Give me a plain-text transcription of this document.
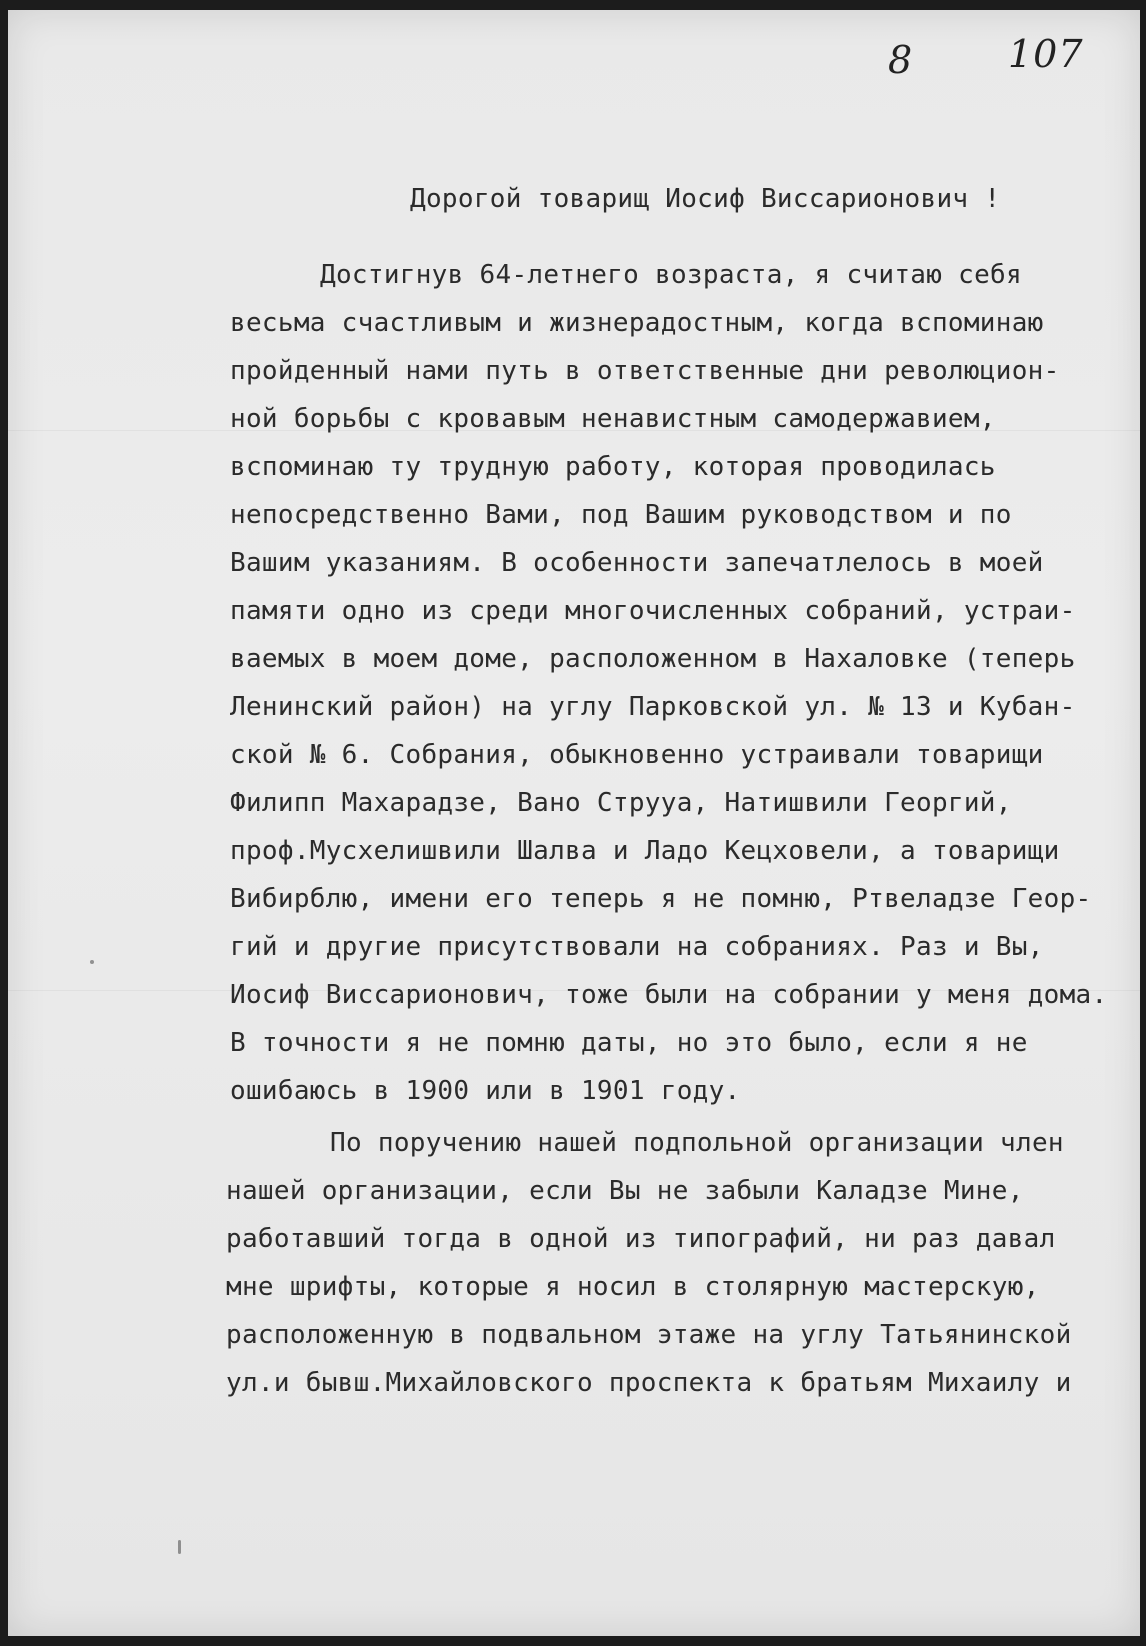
8 107
Дорогой товарищ Иосиф Виссарионович !
Достигнув 64-летнего возраста, я считаю себя
весьма счастливым и жизнерадостным, когда вспоминаю
пройденный нами путь в ответственные дни революцион-
ной борьбы с кровавым ненавистным самодержавием,
вспоминаю ту трудную работу, которая проводилась
непосредственно Вами, под Вашим руководством и по
Вашим указаниям. В особенности запечатлелось в моей
памяти одно из среди многочисленных собраний, устраи-
ваемых в моем доме, расположенном в Нахаловке (теперь
Ленинский район) на углу Парковской ул. № 13 и Кубан-
ской № 6. Собрания, обыкновенно устраивали товарищи
Филипп Махарадзе, Вано Струуа, Натишвили Георгий,
проф.Мусхелишвили Шалва и Ладо Кецховели, а товарищи
Вибирблю, имени его теперь я не помню, Ртвеладзе Геор-
гий и другие присутствовали на собраниях. Раз и Вы,
Иосиф Виссарионович, тоже были на собрании у меня дома.
В точности я не помню даты, но это было, если я не
ошибаюсь в 1900 или в 1901 году.
По поручению нашей подпольной организации член
нашей организации, если Вы не забыли Каладзе Мине,
работавший тогда в одной из типографий, ни раз давал
мне шрифты, которые я носил в столярную мастерскую,
расположенную в подвальном этаже на углу Татьянинской
ул.и бывш.Михайловского проспекта к братьям Михаилу и
